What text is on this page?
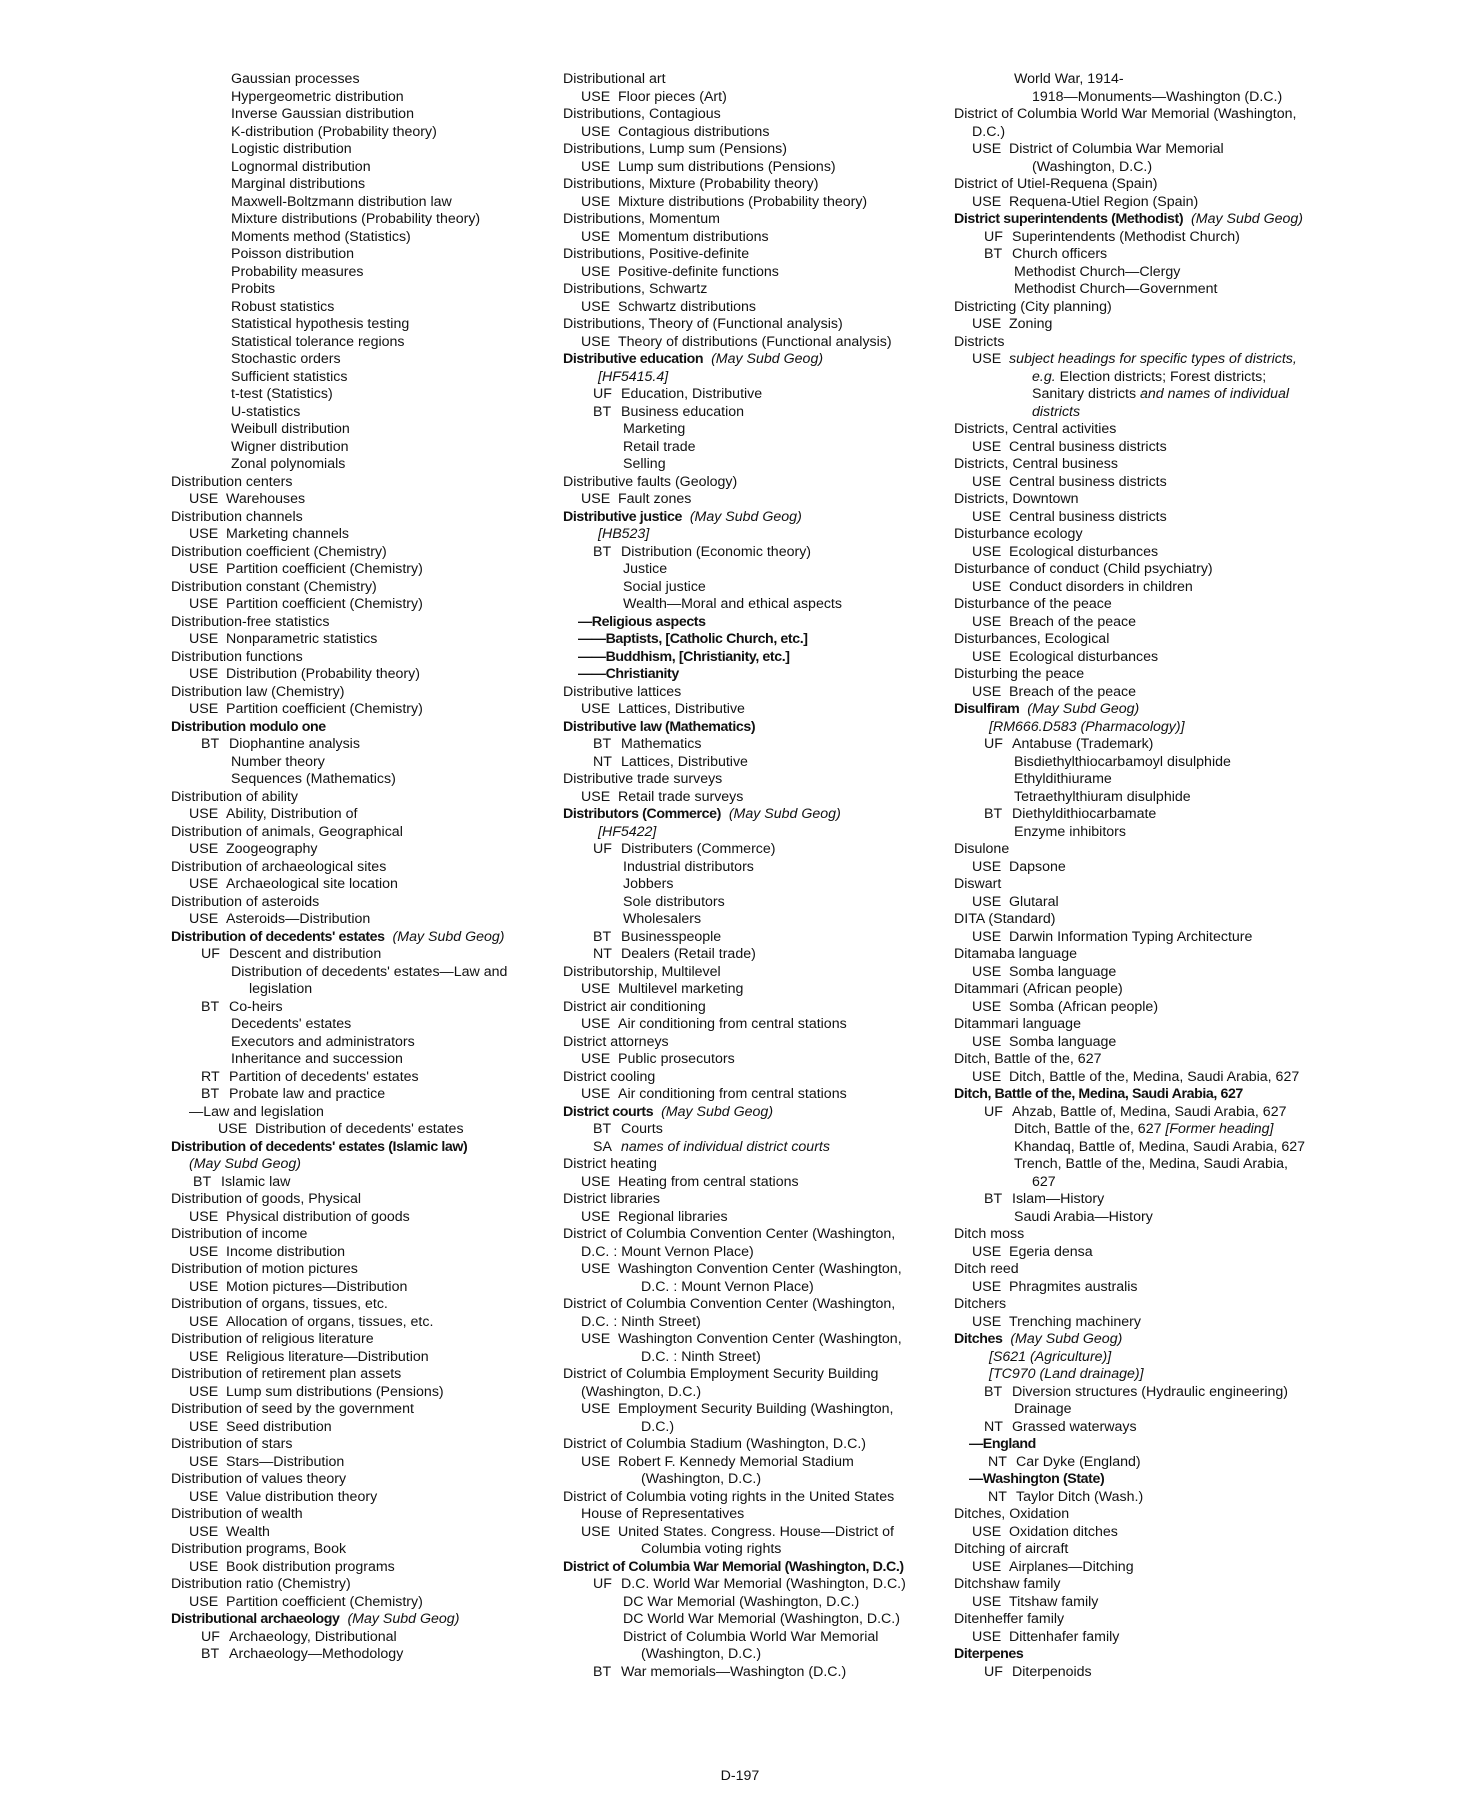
Gaussian processes
Hypergeometric distribution
Inverse Gaussian distribution
K-distribution (Probability theory)
Logistic distribution
Lognormal distribution
Marginal distributions
Maxwell-Boltzmann distribution law
Mixture distributions (Probability theory)
Moments method (Statistics)
Poisson distribution
Probability measures
Probits
Robust statistics
Statistical hypothesis testing
Statistical tolerance regions
Stochastic orders
Sufficient statistics
t-test (Statistics)
U-statistics
Weibull distribution
Wigner distribution
Zonal polynomials
Distribution centers
USE Warehouses
Distribution channels
USE Marketing channels
Distribution coefficient (Chemistry)
USE Partition coefficient (Chemistry)
Distribution constant (Chemistry)
USE Partition coefficient (Chemistry)
Distribution-free statistics
USE Nonparametric statistics
Distribution functions
USE Distribution (Probability theory)
Distribution law (Chemistry)
USE Partition coefficient (Chemistry)
Distribution modulo one
BT Diophantine analysis
Number theory
Sequences (Mathematics)
Distribution of ability
USE Ability, Distribution of
Distribution of animals, Geographical
USE Zoogeography
Distribution of archaeological sites
USE Archaeological site location
Distribution of asteroids
USE Asteroids—Distribution
Distribution of decedents' estates  (May Subd Geog)
UF Descent and distribution
Distribution of decedents' estates—Law and
legislation
BT Co-heirs
Decedents' estates
Executors and administrators
Inheritance and succession
RT Partition of decedents' estates
BT Probate law and practice
—Law and legislation
USE Distribution of decedents' estates
Distribution of decedents' estates (Islamic law)
(May Subd Geog)
BT Islamic law
Distribution of goods, Physical
USE Physical distribution of goods
Distribution of income
USE Income distribution
Distribution of motion pictures
USE Motion pictures—Distribution
Distribution of organs, tissues, etc.
USE Allocation of organs, tissues, etc.
Distribution of religious literature
USE Religious literature—Distribution
Distribution of retirement plan assets
USE Lump sum distributions (Pensions)
Distribution of seed by the government
USE Seed distribution
Distribution of stars
USE Stars—Distribution
Distribution of values theory
USE Value distribution theory
Distribution of wealth
USE Wealth
Distribution programs, Book
USE Book distribution programs
Distribution ratio (Chemistry)
USE Partition coefficient (Chemistry)
Distributional archaeology  (May Subd Geog)
UF Archaeology, Distributional
BT Archaeology—Methodology
Distributional art
USE Floor pieces (Art)
Distributions, Contagious
USE Contagious distributions
Distributions, Lump sum (Pensions)
USE Lump sum distributions (Pensions)
Distributions, Mixture (Probability theory)
USE Mixture distributions (Probability theory)
Distributions, Momentum
USE Momentum distributions
Distributions, Positive-definite
USE Positive-definite functions
Distributions, Schwartz
USE Schwartz distributions
Distributions, Theory of (Functional analysis)
USE Theory of distributions (Functional analysis)
Distributive education  (May Subd Geog)
[HF5415.4]
UF Education, Distributive
BT Business education
Marketing
Retail trade
Selling
Distributive faults (Geology)
USE Fault zones
Distributive justice  (May Subd Geog)
[HB523]
BT Distribution (Economic theory)
Justice
Social justice
Wealth—Moral and ethical aspects
—Religious aspects
——Baptists, [Catholic Church, etc.]
——Buddhism, [Christianity, etc.]
——Christianity
Distributive lattices
USE Lattices, Distributive
Distributive law (Mathematics)
BT Mathematics
NT Lattices, Distributive
Distributive trade surveys
USE Retail trade surveys
Distributors (Commerce)  (May Subd Geog)
[HF5422]
UF Distributers (Commerce)
Industrial distributors
Jobbers
Sole distributors
Wholesalers
BT Businesspeople
NT Dealers (Retail trade)
Distributorship, Multilevel
USE Multilevel marketing
District air conditioning
USE Air conditioning from central stations
District attorneys
USE Public prosecutors
District cooling
USE Air conditioning from central stations
District courts  (May Subd Geog)
BT Courts
SA names of individual district courts
District heating
USE Heating from central stations
District libraries
USE Regional libraries
District of Columbia Convention Center (Washington,
D.C. : Mount Vernon Place)
USE Washington Convention Center (Washington,
D.C. : Mount Vernon Place)
District of Columbia Convention Center (Washington,
D.C. : Ninth Street)
USE Washington Convention Center (Washington,
D.C. : Ninth Street)
District of Columbia Employment Security Building
(Washington, D.C.)
USE Employment Security Building (Washington,
D.C.)
District of Columbia Stadium (Washington, D.C.)
USE Robert F. Kennedy Memorial Stadium
(Washington, D.C.)
District of Columbia voting rights in the United States
House of Representatives
USE United States. Congress. House—District of
Columbia voting rights
District of Columbia War Memorial (Washington, D.C.)
UF D.C. World War Memorial (Washington, D.C.)
DC War Memorial (Washington, D.C.)
DC World War Memorial (Washington, D.C.)
District of Columbia World War Memorial
(Washington, D.C.)
BT War memorials—Washington (D.C.)
World War, 1914-
1918—Monuments—Washington (D.C.)
District of Columbia World War Memorial (Washington,
D.C.)
USE District of Columbia War Memorial
(Washington, D.C.)
District of Utiel-Requena (Spain)
USE Requena-Utiel Region (Spain)
District superintendents (Methodist)  (May Subd Geog)
UF Superintendents (Methodist Church)
BT Church officers
Methodist Church—Clergy
Methodist Church—Government
Districting (City planning)
USE Zoning
Districts
USE subject headings for specific types of districts,
e.g. Election districts; Forest districts;
Sanitary districts and names of individual
districts
Districts, Central activities
USE Central business districts
Districts, Central business
USE Central business districts
Districts, Downtown
USE Central business districts
Disturbance ecology
USE Ecological disturbances
Disturbance of conduct (Child psychiatry)
USE Conduct disorders in children
Disturbance of the peace
USE Breach of the peace
Disturbances, Ecological
USE Ecological disturbances
Disturbing the peace
USE Breach of the peace
Disulfiram  (May Subd Geog)
[RM666.D583 (Pharmacology)]
UF Antabuse (Trademark)
Bisdiethylthiocarbamoyl disulphide
Ethyldithiurame
Tetraethylthiuram disulphide
BT Diethyldithiocarbamate
Enzyme inhibitors
Disulone
USE Dapsone
Diswart
USE Glutaral
DITA (Standard)
USE Darwin Information Typing Architecture
Ditamaba language
USE Somba language
Ditammari (African people)
USE Somba (African people)
Ditammari language
USE Somba language
Ditch, Battle of the, 627
USE Ditch, Battle of the, Medina, Saudi Arabia, 627
Ditch, Battle of the, Medina, Saudi Arabia, 627
UF Ahzab, Battle of, Medina, Saudi Arabia, 627
Ditch, Battle of the, 627 [Former heading]
Khandaq, Battle of, Medina, Saudi Arabia, 627
Trench, Battle of the, Medina, Saudi Arabia,
627
BT Islam—History
Saudi Arabia—History
Ditch moss
USE Egeria densa
Ditch reed
USE Phragmites australis
Ditchers
USE Trenching machinery
Ditches  (May Subd Geog)
[S621 (Agriculture)]
[TC970 (Land drainage)]
BT Diversion structures (Hydraulic engineering)
Drainage
NT Grassed waterways
—England
NT Car Dyke (England)
—Washington (State)
NT Taylor Ditch (Wash.)
Ditches, Oxidation
USE Oxidation ditches
Ditching of aircraft
USE Airplanes—Ditching
Ditchshaw family
USE Titshaw family
Ditenheffer family
USE Dittenhafer family
Diterpenes
UF Diterpenoids
D-197
